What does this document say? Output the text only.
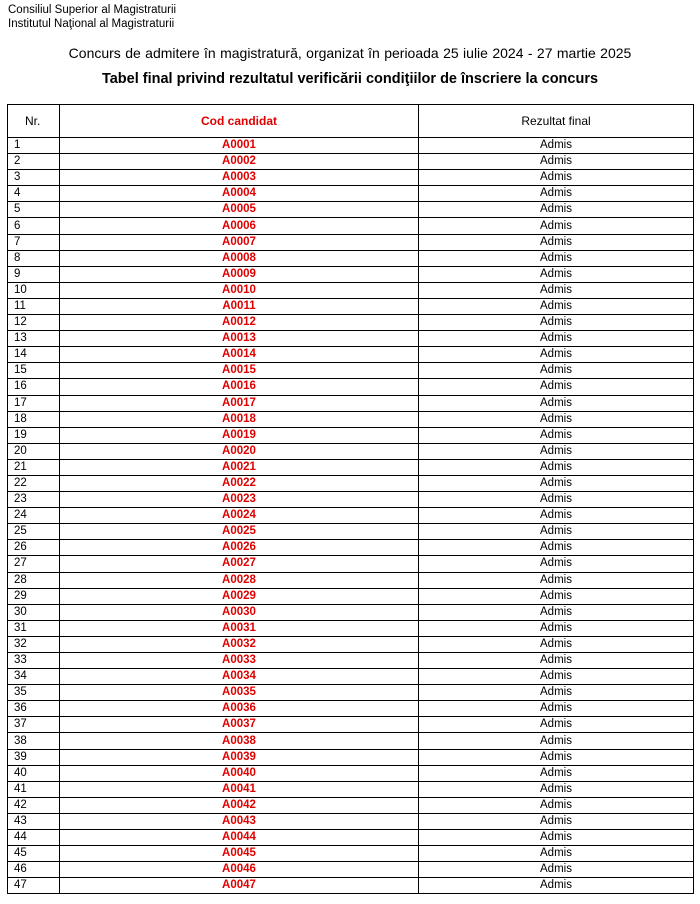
Consiliul Superior al Magistraturii
Institutul Naţional al Magistraturii
Concurs de admitere în magistratură, organizat în perioada 25 iulie 2024 - 27 martie 2025
Tabel final privind rezultatul verificării condiţiilor de înscriere la concurs
Nr.	Cod candidat	Rezultat final
1	A0001	Admis
2	A0002	Admis
3	A0003	Admis
4	A0004	Admis
5	A0005	Admis
6	A0006	Admis
7	A0007	Admis
8	A0008	Admis
9	A0009	Admis
10	A0010	Admis
11	A0011	Admis
12	A0012	Admis
13	A0013	Admis
14	A0014	Admis
15	A0015	Admis
16	A0016	Admis
17	A0017	Admis
18	A0018	Admis
19	A0019	Admis
20	A0020	Admis
21	A0021	Admis
22	A0022	Admis
23	A0023	Admis
24	A0024	Admis
25	A0025	Admis
26	A0026	Admis
27	A0027	Admis
28	A0028	Admis
29	A0029	Admis
30	A0030	Admis
31	A0031	Admis
32	A0032	Admis
33	A0033	Admis
34	A0034	Admis
35	A0035	Admis
36	A0036	Admis
37	A0037	Admis
38	A0038	Admis
39	A0039	Admis
40	A0040	Admis
41	A0041	Admis
42	A0042	Admis
43	A0043	Admis
44	A0044	Admis
45	A0045	Admis
46	A0046	Admis
47	A0047	Admis
